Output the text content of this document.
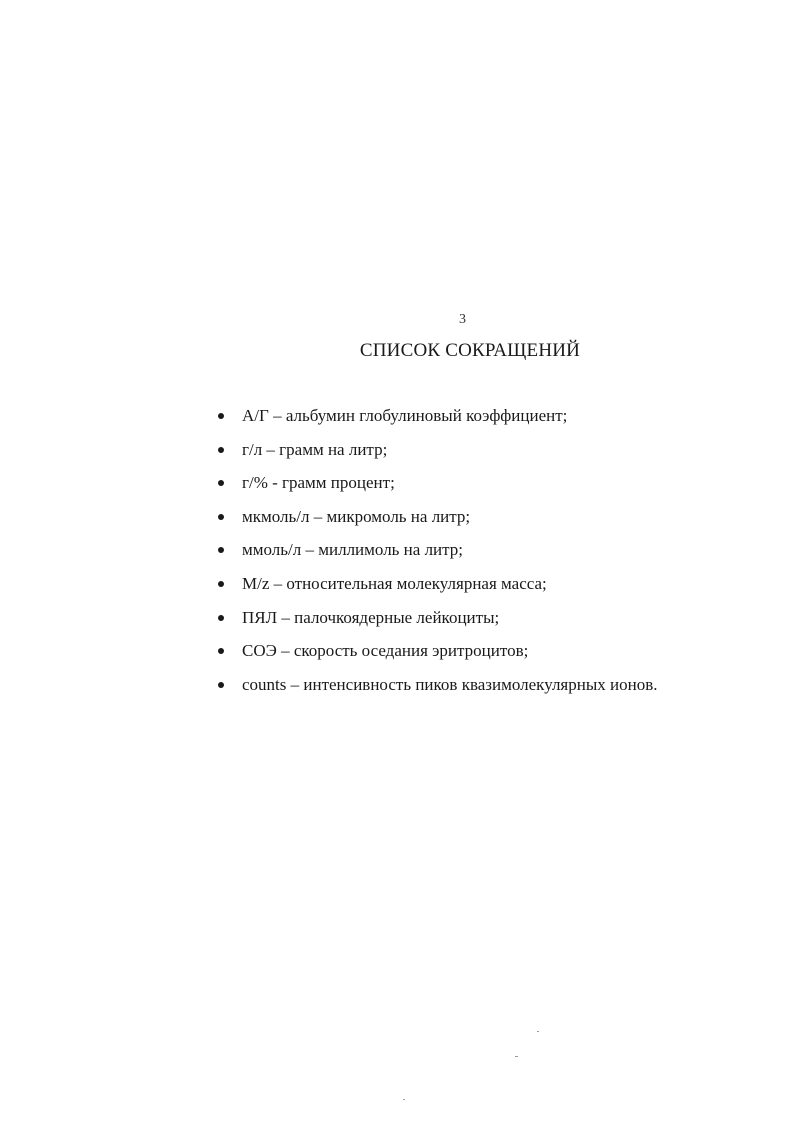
3
СПИСОК СОКРАЩЕНИЙ
А/Г – альбумин глобулиновый коэффициент;
г/л – грамм на литр;
г/% - грамм процент;
мкмоль/л – микромоль на литр;
ммоль/л – миллимоль на литр;
M/z – относительная молекулярная масса;
ПЯЛ – палочкоядерные лейкоциты;
СОЭ – скорость оседания эритроцитов;
counts – интенсивность пиков квазимолекулярных ионов.
